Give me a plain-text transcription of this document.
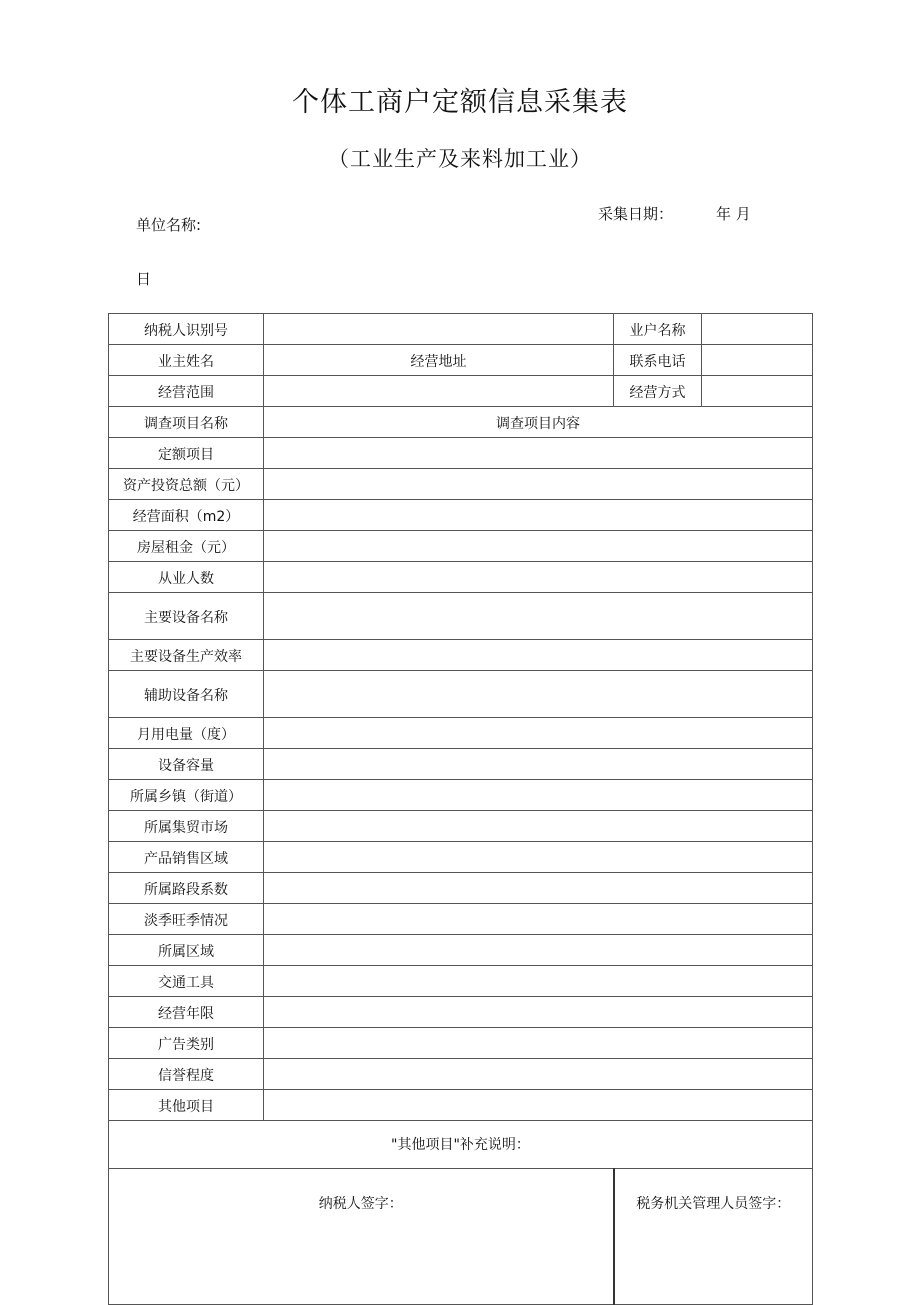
个体工商户定额信息采集表
（工业生产及来料加工业）
单位名称:
采集日期：	年 月
日
纳税人识别号		业户名称	
业主姓名	经营地址	联系电话	
经营范围		经营方式	
调查项目名称	调查项目内容		
定额项目			
资产投资总额（元）			
经营面积（m2）			
房屋租金（元）			
从业人数			
主要设备名称			
主要设备生产效率			
辅助设备名称			
月用电量（度）			
设备容量			
所属乡镇（街道）			
所属集贸市场			
产品销售区域			
所属路段系数			
淡季旺季情况			
所属区域			
交通工具			
经营年限			
广告类别			
信誉程度			
其他项目			
"其他项目"补充说明：			
纳税人签字：		税务机关管理人员签字：	
